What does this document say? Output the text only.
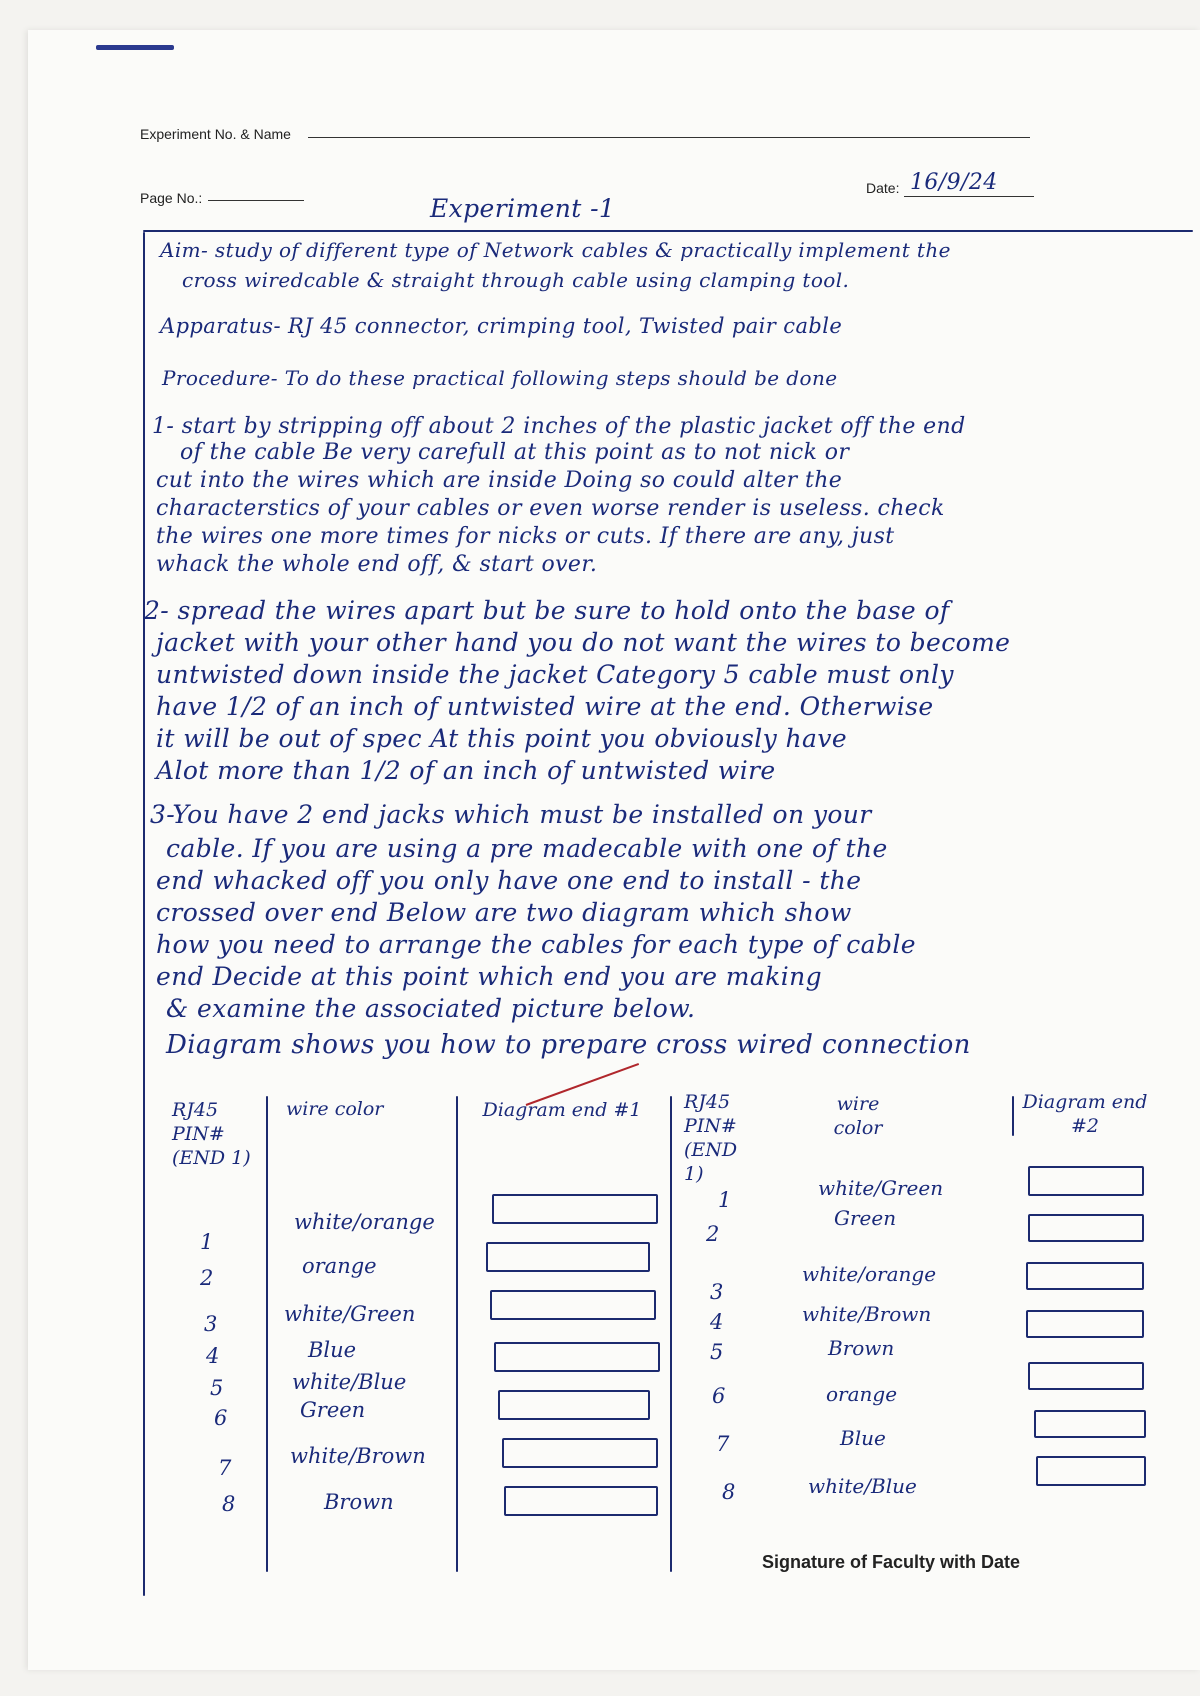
Experiment No. & Name
Page No.:
Date: 16/9/24
Experiment -1
Aim- study of different type of Network cables & practically implement the
cross wiredcable & straight through cable using clamping tool.
Apparatus- RJ 45 connector, crimping tool, Twisted pair cable
Procedure- To do these practical following steps should be done
1- start by stripping off about 2 inches of the plastic jacket off the end
of the cable Be very carefull at this point as to not nick or
cut into the wires which are inside Doing so could alter the
characterstics of your cables or even worse render is useless. check
the wires one more times for nicks or cuts. If there are any, just
whack the whole end off, & start over.
2- spread the wires apart but be sure to hold onto the base of
jacket with your other hand you do not want the wires to become
untwisted down inside the jacket Category 5 cable must only
have 1/2 of an inch of untwisted wire at the end. Otherwise
it will be out of spec At this point you obviously have
Alot more than 1/2 of an inch of untwisted wire
3-You have 2 end jacks which must be installed on your
cable. If you are using a pre madecable with one of the
end whacked off you only have one end to install - the
crossed over end Below are two diagram which show
how you need to arrange the cables for each type of cable
end Decide at this point which end you are making
& examine the associated picture below.
Diagram shows you how to prepare cross wired connection
RJ45 PIN# (END 1)
wire color	Diagram end #1	RJ45 PIN# (END 1)
wire color
Diagram end #2
1
2
3
4
5
6
7
8
white/orange
orange
white/Green
Blue
white/Blue
Green
white/Brown
Brown
1
2
3
4
5
6
7
8
white/Green
Green
white/orange
white/Brown
Brown
orange
Blue
white/Blue
Signature of Faculty with Date
